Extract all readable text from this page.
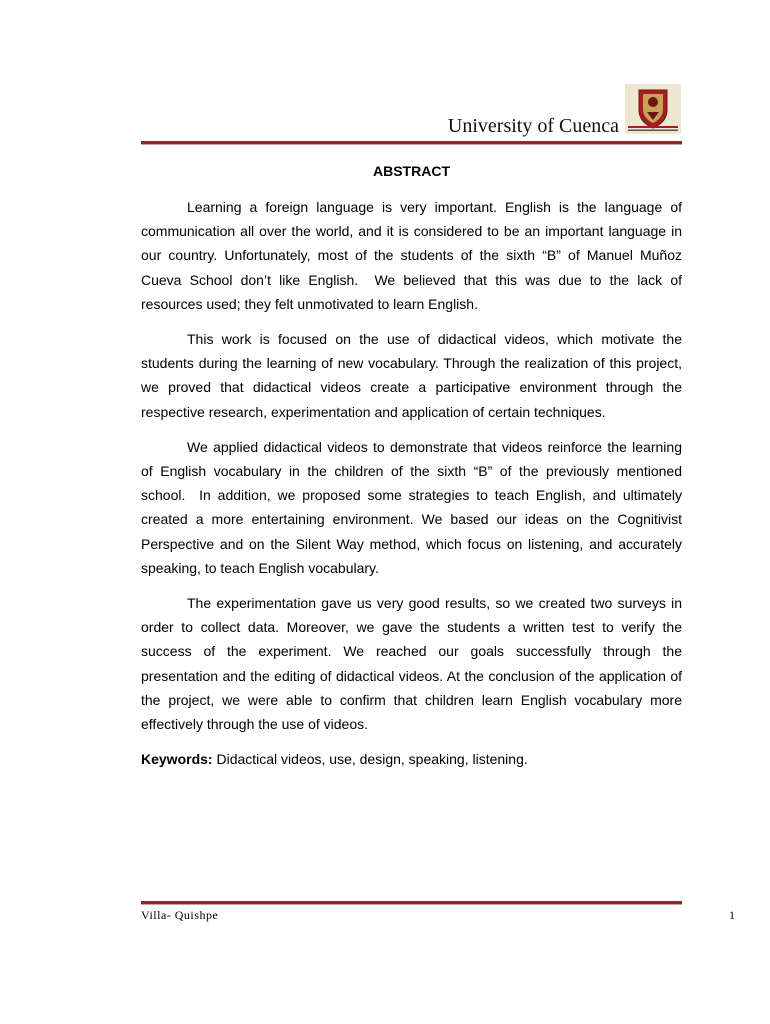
University of Cuenca
ABSTRACT

Learning a foreign language is very important. English is the language of communication all over the world, and it is considered to be an important language in our country. Unfortunately, most of the students of the sixth “B” of Manuel Muñoz Cueva School don’t like English.  We believed that this was due to the lack of resources used; they felt unmotivated to learn English.

This work is focused on the use of didactical videos, which motivate the students during the learning of new vocabulary. Through the realization of this project, we proved that didactical videos create a participative environment through the respective research, experimentation and application of certain techniques.

We applied didactical videos to demonstrate that videos reinforce the learning of English vocabulary in the children of the sixth “B” of the previously mentioned school.  In addition, we proposed some strategies to teach English, and ultimately created a more entertaining environment. We based our ideas on the Cognitivist Perspective and on the Silent Way method, which focus on listening, and accurately speaking, to teach English vocabulary.

The experimentation gave us very good results, so we created two surveys in order to collect data. Moreover, we gave the students a written test to verify the success of the experiment. We reached our goals successfully through the presentation and the editing of didactical videos. At the conclusion of the application of the project, we were able to confirm that children learn English vocabulary more effectively through the use of videos.

Keywords: Didactical videos, use, design, speaking, listening.

Villa- Quishpe	1
